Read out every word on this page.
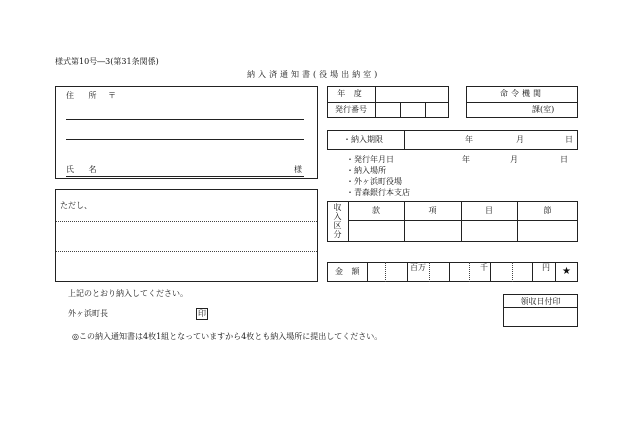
様式第10号―3(第31条関係)
納入済通知書(役場出納室)
住 所 〒
氏 名	様
ただし、
年 度
発行番号
命令機関
課(室)
・納入期限	年	月	日
・発行年月日	年	月	日
・納入場所
・外ヶ浜町役場
・青森銀行本支店
収
入
区
分
款	項	目	節
金 額	百万	千	円	★
上記のとおり納入してください。
外ヶ浜町長	印
◎この納入通知書は4枚1組となっていますから4枚とも納入場所に提出してください。
領収日付印
